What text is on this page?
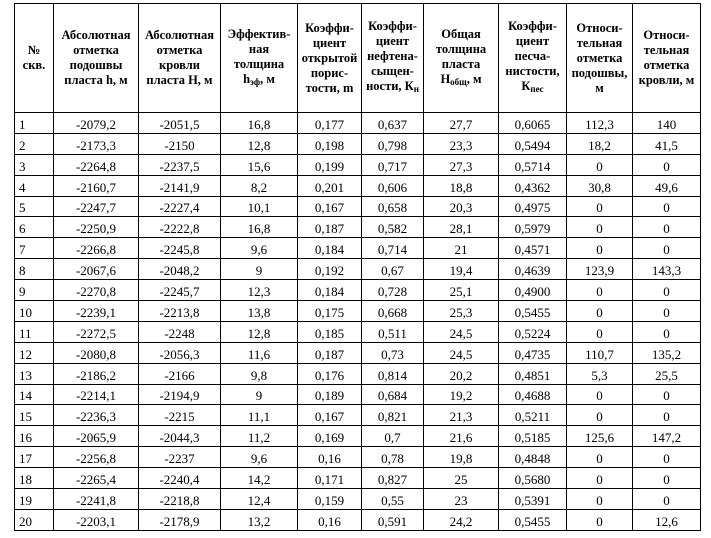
№ скв.	Абсолютная отметка подошвы пласта h, м	Абсолютная отметка кровли пласта H, м	Эффектив-ная толщина $h_{эф}$, м	Коэффи-циент открытой порис-тости, m	Коэффи-циент нефтена-сыщен-ности, $К_н$	Общая толщина пласта $H_{общ}$, м	Коэффи-циент песча-нистости, $К_{пес}$	Относи-тельная отметка подошвы, м	Относи-тельная отметка кровли, м
1	-2079,2	-2051,5	16,8	0,177	0,637	27,7	0,6065	112,3	140
2	-2173,3	-2150	12,8	0,198	0,798	23,3	0,5494	18,2	41,5
3	-2264,8	-2237,5	15,6	0,199	0,717	27,3	0,5714	0	0
4	-2160,7	-2141,9	8,2	0,201	0,606	18,8	0,4362	30,8	49,6
5	-2247,7	-2227,4	10,1	0,167	0,658	20,3	0,4975	0	0
6	-2250,9	-2222,8	16,8	0,187	0,582	28,1	0,5979	0	0
7	-2266,8	-2245,8	9,6	0,184	0,714	21	0,4571	0	0
8	-2067,6	-2048,2	9	0,192	0,67	19,4	0,4639	123,9	143,3
9	-2270,8	-2245,7	12,3	0,184	0,728	25,1	0,4900	0	0
10	-2239,1	-2213,8	13,8	0,175	0,668	25,3	0,5455	0	0
11	-2272,5	-2248	12,8	0,185	0,511	24,5	0,5224	0	0
12	-2080,8	-2056,3	11,6	0,187	0,73	24,5	0,4735	110,7	135,2
13	-2186,2	-2166	9,8	0,176	0,814	20,2	0,4851	5,3	25,5
14	-2214,1	-2194,9	9	0,189	0,684	19,2	0,4688	0	0
15	-2236,3	-2215	11,1	0,167	0,821	21,3	0,5211	0	0
16	-2065,9	-2044,3	11,2	0,169	0,7	21,6	0,5185	125,6	147,2
17	-2256,8	-2237	9,6	0,16	0,78	19,8	0,4848	0	0
18	-2265,4	-2240,4	14,2	0,171	0,827	25	0,5680	0	0
19	-2241,8	-2218,8	12,4	0,159	0,55	23	0,5391	0	0
20	-2203,1	-2178,9	13,2	0,16	0,591	24,2	0,5455	0	12,6
